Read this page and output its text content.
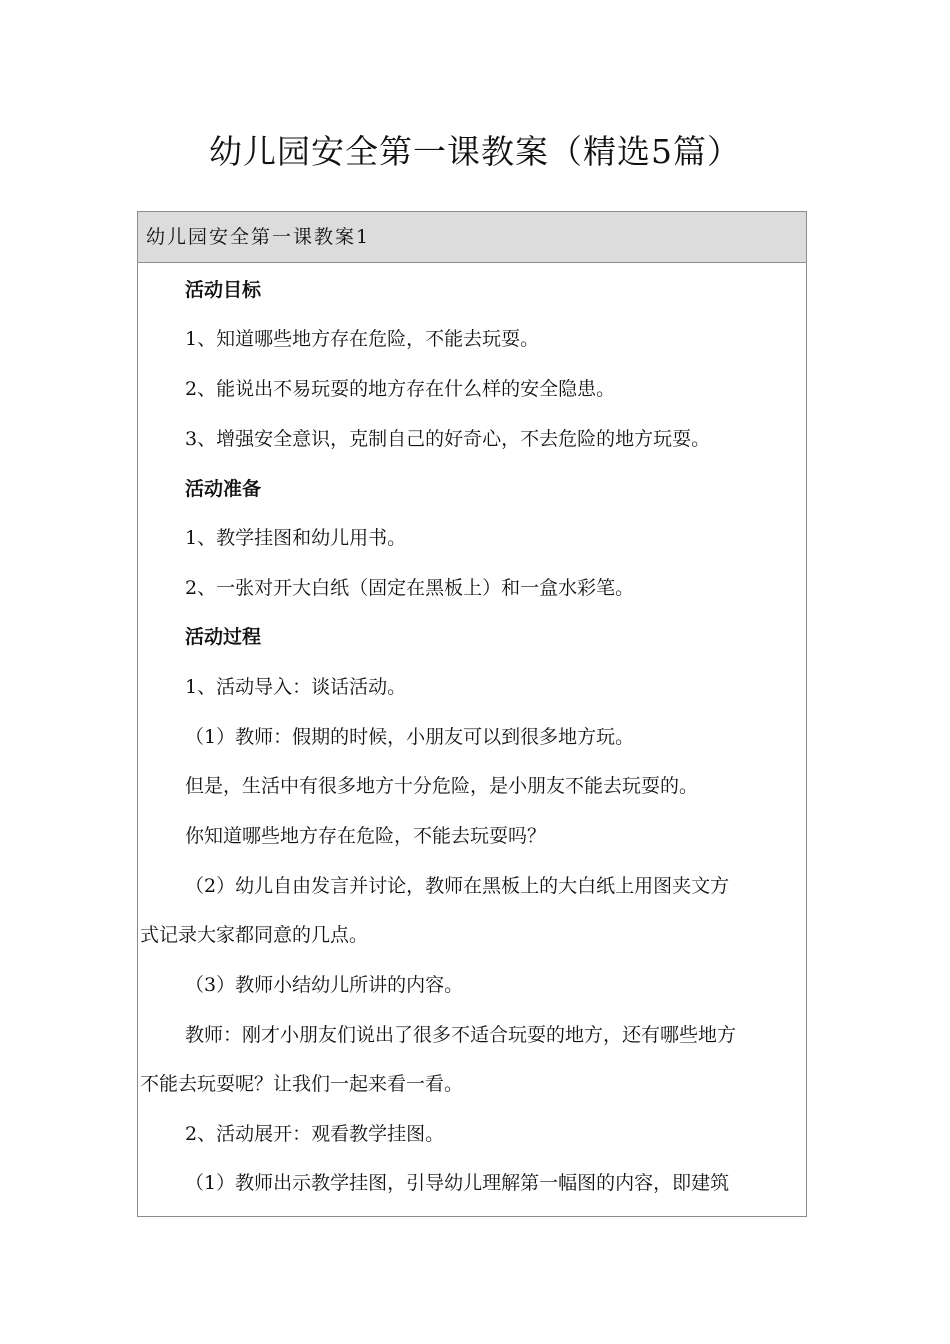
幼儿园安全第一课教案（精选5篇）
幼儿园安全第一课教案1
活动目标
1、知道哪些地方存在危险，不能去玩耍。
2、能说出不易玩耍的地方存在什么样的安全隐患。
3、增强安全意识，克制自己的好奇心，不去危险的地方玩耍。
活动准备
1、教学挂图和幼儿用书。
2、一张对开大白纸（固定在黑板上）和一盒水彩笔。
活动过程
1、活动导入：谈话活动。
（1）教师：假期的时候，小朋友可以到很多地方玩。
但是，生活中有很多地方十分危险，是小朋友不能去玩耍的。
你知道哪些地方存在危险，不能去玩耍吗？
（2）幼儿自由发言并讨论，教师在黑板上的大白纸上用图夹文方
式记录大家都同意的几点。
（3）教师小结幼儿所讲的内容。
教师：刚才小朋友们说出了很多不适合玩耍的地方，还有哪些地方
不能去玩耍呢？让我们一起来看一看。
2、活动展开：观看教学挂图。
（1）教师出示教学挂图，引导幼儿理解第一幅图的内容，即建筑
